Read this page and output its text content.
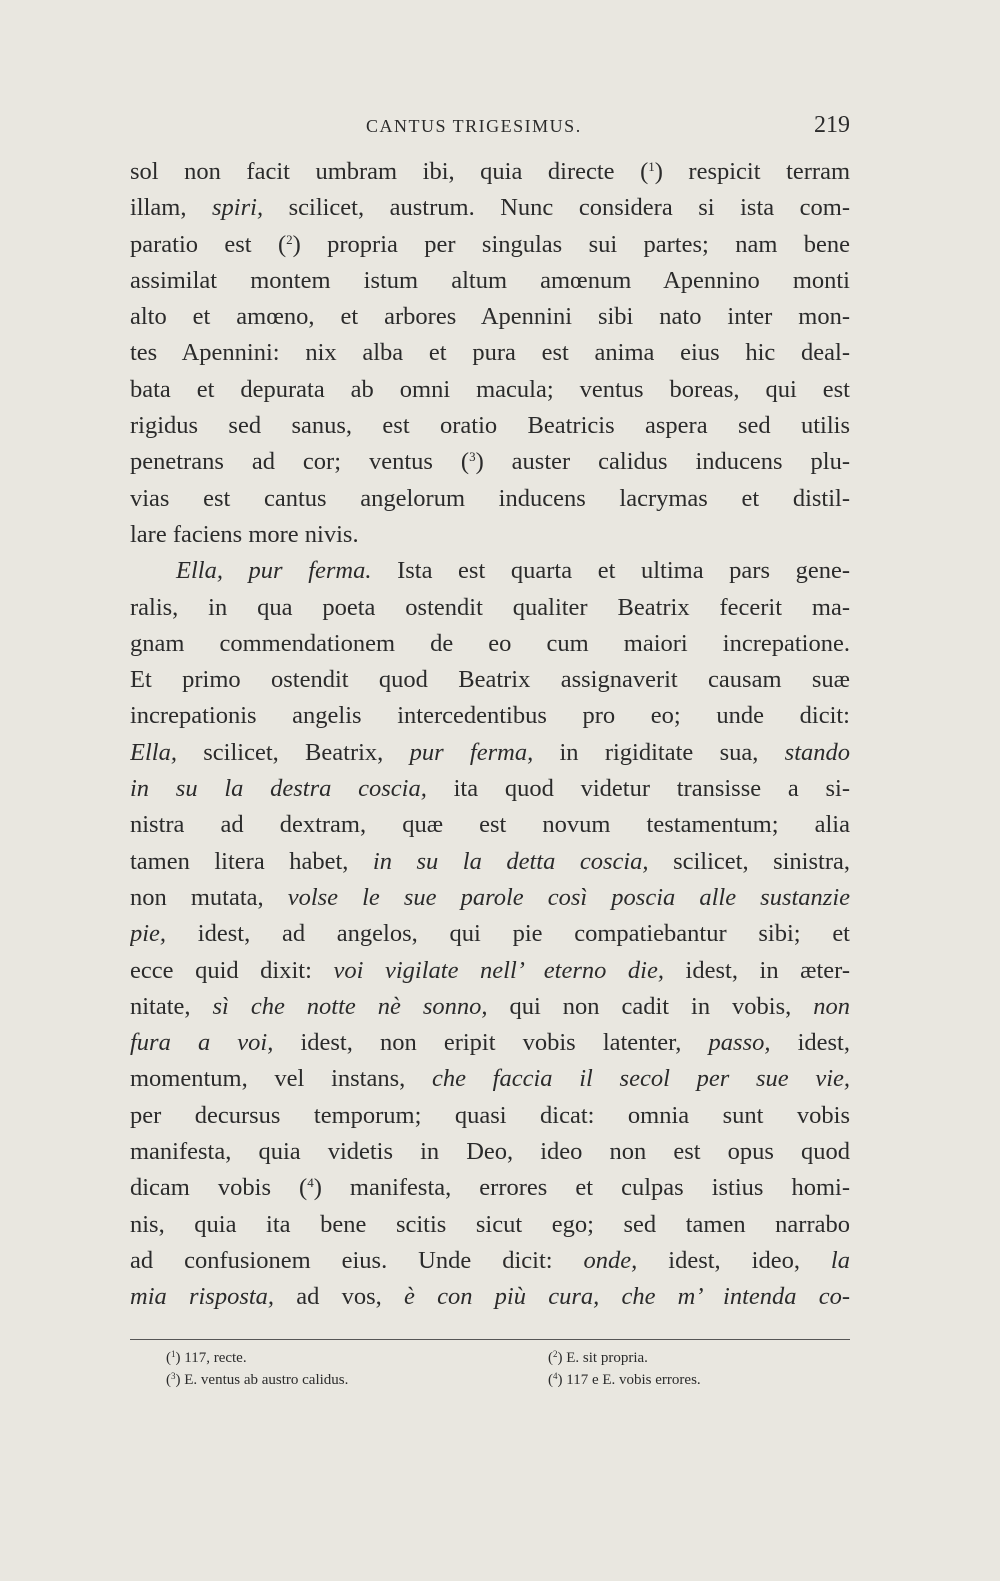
CANTUS TRIGESIMUS.	219
sol non facit umbram ibi, quia directe ($^1$) respicit terram
illam, spiri, scilicet, austrum. Nunc considera si ista com-
paratio est ($^2$) propria per singulas sui partes; nam bene
assimilat montem istum altum amœnum Apennino monti
alto et amœno, et arbores Apennini sibi nato inter mon-
tes Apennini: nix alba et pura est anima eius hic deal-
bata et depurata ab omni macula; ventus boreas, qui est
rigidus sed sanus, est oratio Beatricis aspera sed utilis
penetrans ad cor; ventus ($^3$) auster calidus inducens plu-
vias est cantus angelorum inducens lacrymas et distil-
lare faciens more nivis.
Ella, pur ferma. Ista est quarta et ultima pars gene-
ralis, in qua poeta ostendit qualiter Beatrix fecerit ma-
gnam commendationem de eo cum maiori increpatione.
Et primo ostendit quod Beatrix assignaverit causam suæ
increpationis angelis intercedentibus pro eo; unde dicit:
Ella, scilicet, Beatrix, pur ferma, in rigiditate sua, stando
in su la destra coscia, ita quod videtur transisse a si-
nistra ad dextram, quæ est novum testamentum; alia
tamen litera habet, in su la detta coscia, scilicet, sinistra,
non mutata, volse le sue parole così poscia alle sustanzie
pie, idest, ad angelos, qui pie compatiebantur sibi; et
ecce quid dixit: voi vigilate nell’ eterno die, idest, in æter-
nitate, sì che notte nè sonno, qui non cadit in vobis, non
fura a voi, idest, non eripit vobis latenter, passo, idest,
momentum, vel instans, che faccia il secol per sue vie,
per decursus temporum; quasi dicat: omnia sunt vobis
manifesta, quia videtis in Deo, ideo non est opus quod
dicam vobis ($^4$) manifesta, errores et culpas istius homi-
nis, quia ita bene scitis sicut ego; sed tamen narrabo
ad confusionem eius. Unde dicit: onde, idest, ideo, la
mia risposta, ad vos, è con più cura, che m’ intenda co-
($^1$) 117, recte.	($^2$) E. sit propria.
($^3$) E. ventus ab austro calidus.	($^4$) 117 e E. vobis errores.
